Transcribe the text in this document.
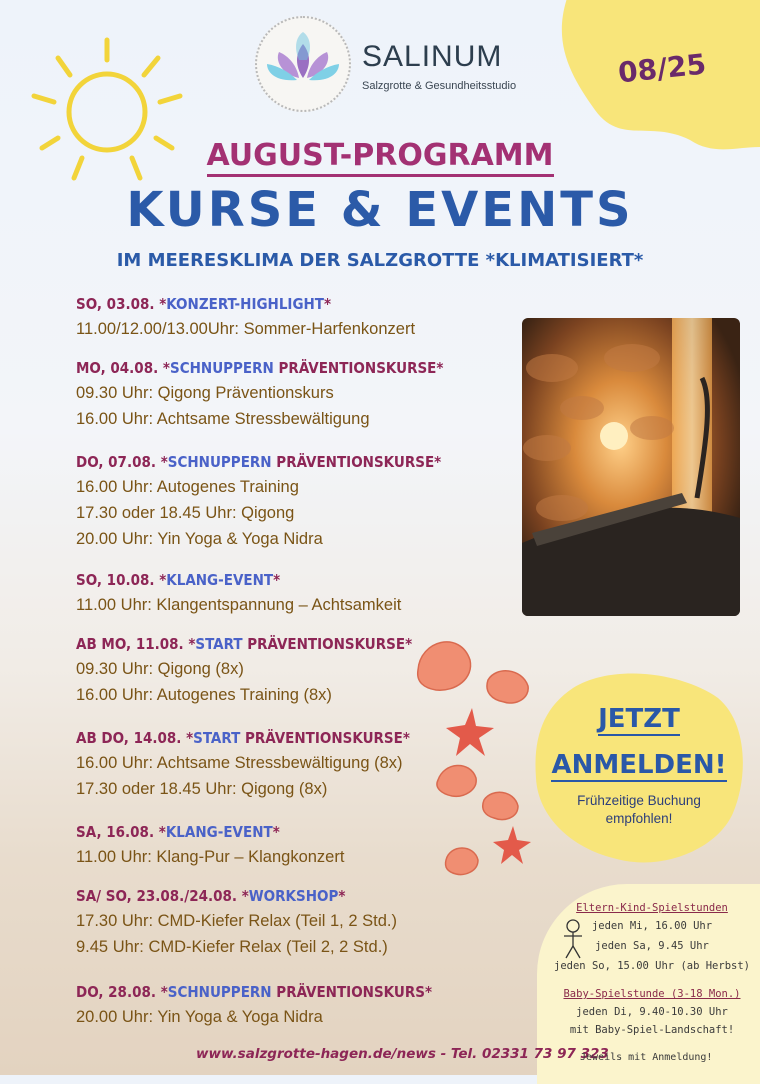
SALINUM
Salzgrotte & Gesundheitsstudio	08/25
AUGUST-PROGRAMM
KURSE & EVENTS
IM MEERESKLIMA DER SALZGROTTE *KLIMATISIERT*
JETZT
ANMELDEN!
Frühzeitige Buchung
empfohlen!
Eltern-Kind-Spielstunden
jeden Mi, 16.00 Uhr
jeden Sa, 9.45 Uhr
jeden So, 15.00 Uhr (ab Herbst)
Baby-Spielstunde (3-18 Mon.)
jeden Di, 9.40-10.30 Uhr
mit Baby-Spiel-Landschaft!
SO, 03.08. *KONZERT-HIGHLIGHT*
11.00/12.00/13.00Uhr: Sommer-Harfenkonzert
MO, 04.08. *SCHNUPPERN PRÄVENTIONSKURSE*
09.30 Uhr: Qigong Präventionskurs
16.00 Uhr: Achtsame Stressbewältigung
DO, 07.08. *SCHNUPPERN PRÄVENTIONSKURSE*
16.00 Uhr: Autogenes Training
17.30 oder 18.45 Uhr: Qigong
20.00 Uhr: Yin Yoga & Yoga Nidra
SO, 10.08. *KLANG-EVENT*
11.00 Uhr: Klangentspannung – Achtsamkeit
AB MO, 11.08. *START PRÄVENTIONSKURSE*
09.30 Uhr: Qigong (8x)
16.00 Uhr: Autogenes Training (8x)
AB DO, 14.08. *START PRÄVENTIONSKURSE*
16.00 Uhr: Achtsame Stressbewältigung (8x)
17.30 oder 18.45 Uhr: Qigong (8x)
SA, 16.08. *KLANG-EVENT*
11.00 Uhr: Klang-Pur – Klangkonzert
SA/ SO, 23.08./24.08. *WORKSHOP*
17.30 Uhr: CMD-Kiefer Relax (Teil 1, 2 Std.)
9.45 Uhr: CMD-Kiefer Relax (Teil 2, 2 Std.)
DO, 28.08. *SCHNUPPERN PRÄVENTIONSKURS*
20.00 Uhr: Yin Yoga & Yoga Nidra
www.salzgrotte-hagen.de/news - Tel. 02331 73 97 323
Jeweils mit Anmeldung!
